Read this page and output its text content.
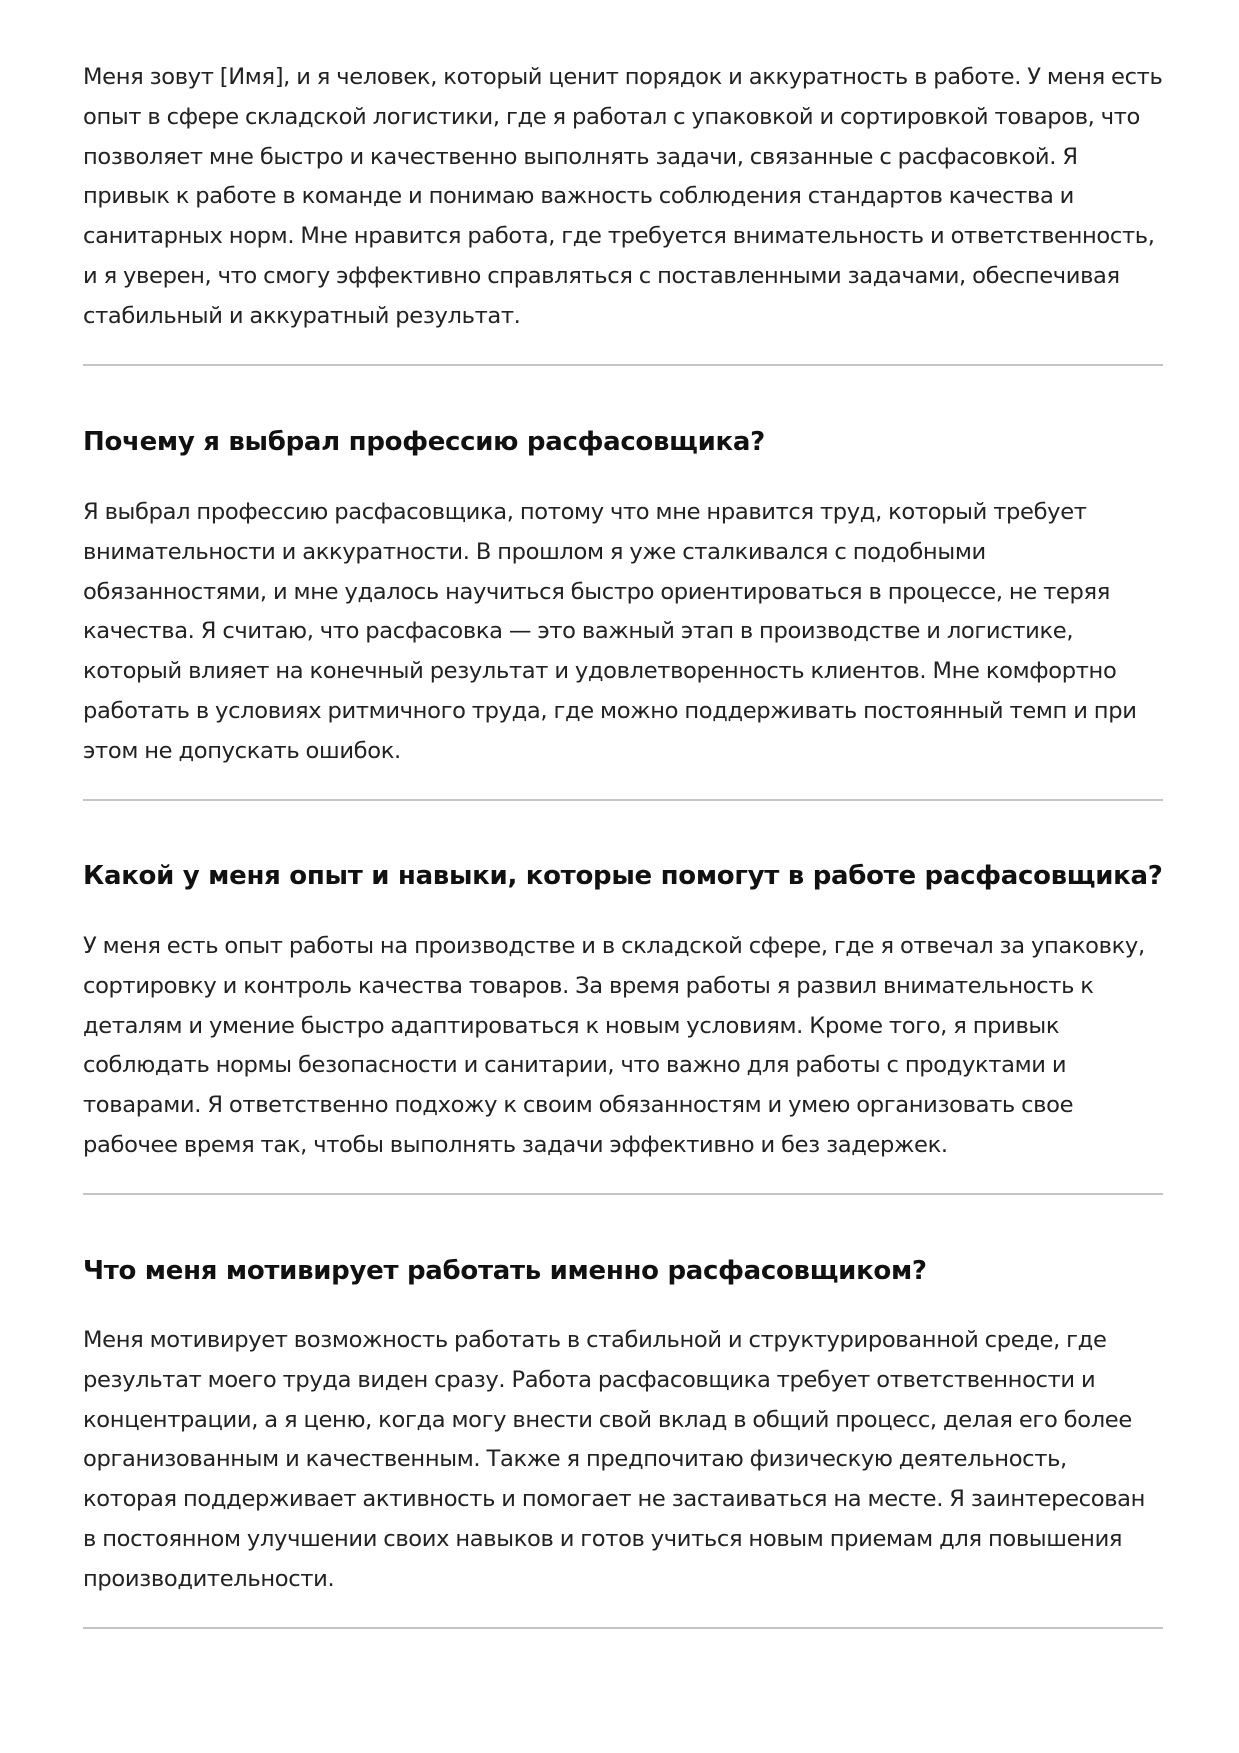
Меня зовут [Имя], и я человек, который ценит порядок и аккуратность в работе. У меня есть опыт в сфере складской логистики, где я работал с упаковкой и сортировкой товаров, что позволяет мне быстро и качественно выполнять задачи, связанные с расфасовкой. Я привык к работе в команде и понимаю важность соблюдения стандартов качества и санитарных норм. Мне нравится работа, где требуется внимательность и ответственность, и я уверен, что смогу эффективно справляться с поставленными задачами, обеспечивая стабильный и аккуратный результат.

Почему я выбрал профессию расфасовщика?

Я выбрал профессию расфасовщика, потому что мне нравится труд, который требует внимательности и аккуратности. В прошлом я уже сталкивался с подобными обязанностями, и мне удалось научиться быстро ориентироваться в процессе, не теряя качества. Я считаю, что расфасовка — это важный этап в производстве и логистике, который влияет на конечный результат и удовлетворенность клиентов. Мне комфортно работать в условиях ритмичного труда, где можно поддерживать постоянный темп и при этом не допускать ошибок.

Какой у меня опыт и навыки, которые помогут в работе расфасовщика?

У меня есть опыт работы на производстве и в складской сфере, где я отвечал за упаковку, сортировку и контроль качества товаров. За время работы я развил внимательность к деталям и умение быстро адаптироваться к новым условиям. Кроме того, я привык соблюдать нормы безопасности и санитарии, что важно для работы с продуктами и товарами. Я ответственно подхожу к своим обязанностям и умею организовать свое рабочее время так, чтобы выполнять задачи эффективно и без задержек.

Что меня мотивирует работать именно расфасовщиком?

Меня мотивирует возможность работать в стабильной и структурированной среде, где результат моего труда виден сразу. Работа расфасовщика требует ответственности и концентрации, а я ценю, когда могу внести свой вклад в общий процесс, делая его более организованным и качественным. Также я предпочитаю физическую деятельность, которая поддерживает активность и помогает не застаиваться на месте. Я заинтересован в постоянном улучшении своих навыков и готов учиться новым приемам для повышения производительности.
